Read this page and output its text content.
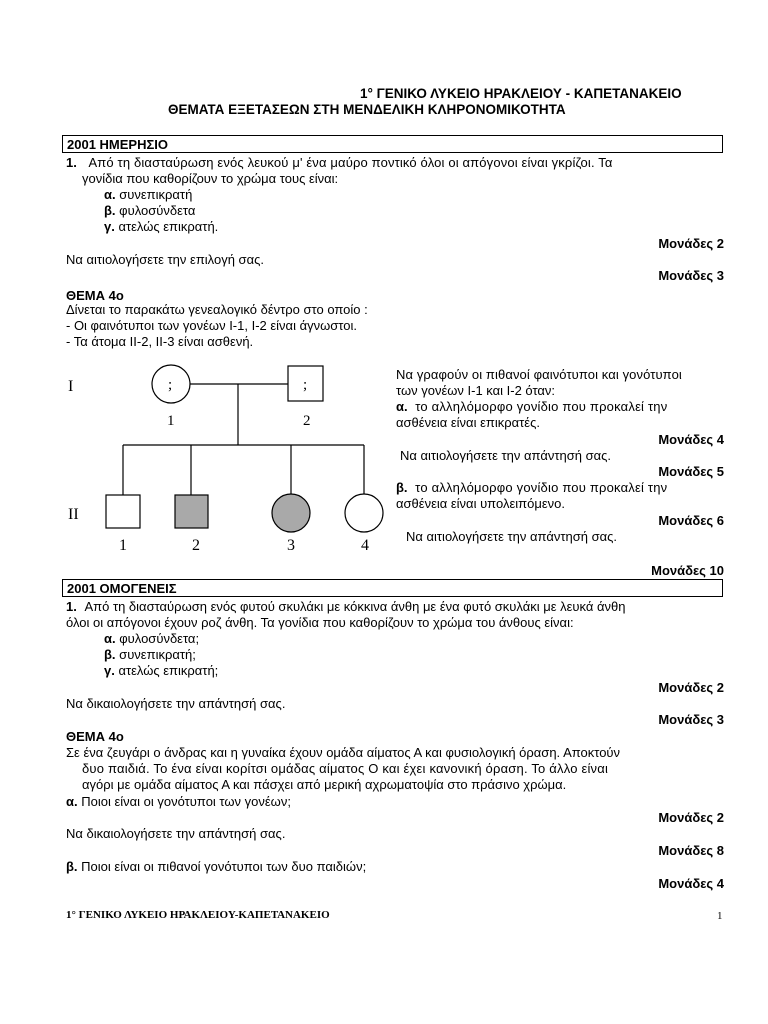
1° ΓΕΝΙΚΟ ΛΥΚΕΙΟ ΗΡΑΚΛΕΙΟΥ - ΚΑΠΕΤΑΝΑΚΕΙΟ
ΘΕΜΑΤΑ ΕΞΕΤΑΣΕΩΝ ΣΤΗ ΜΕΝΔΕΛΙΚΗ ΚΛΗΡΟΝΟΜΙΚΟΤΗΤΑ
2001 ΗΜΕΡΗΣΙΟ
1. Από τη διασταύρωση ενός λευκού μ' ένα μαύρο ποντικό όλοι οι απόγονοι είναι γκρίζοι. Τα
γονίδια που καθορίζουν το χρώμα τους είναι:
α. συνεπικρατή
β. φυλοσύνδετα
γ. ατελώς επικρατή.
Μονάδες 2
Να αιτιολογήσετε την επιλογή σας.
Μονάδες 3
ΘΕΜΑ 4ο
Δίνεται το παρακάτω γενεαλογικό δέντρο στο οποίο :
- Οι φαινότυποι των γονέων Ι-1, Ι-2 είναι άγνωστοι.
- Τα άτομα ΙΙ-2, ΙΙ-3 είναι ασθενή.
I
II
;	;
1	2
1	2	3	4
Να γραφούν οι πιθανοί φαινότυποι και γονότυποι
των γονέων Ι-1 και Ι-2 όταν:
α. το αλληλόμορφο γονίδιο που προκαλεί την
ασθένεια είναι επικρατές.
Μονάδες 4
Να αιτιολογήσετε την απάντησή σας.
Μονάδες 5
β. το αλληλόμορφο γονίδιο που προκαλεί την
ασθένεια είναι υπολειπόμενο.
Μονάδες 6
Να αιτιολογήσετε την απάντησή σας.
Μονάδες 10
2001 ΟΜΟΓΕΝΕΙΣ
1. Από τη διασταύρωση ενός φυτού σκυλάκι με κόκκινα άνθη με ένα φυτό σκυλάκι με λευκά άνθη
όλοι οι απόγονοι έχουν ροζ άνθη. Τα γονίδια που καθορίζουν το χρώμα του άνθους είναι:
α. φυλοσύνδετα;
β. συνεπικρατή;
γ. ατελώς επικρατή;
Μονάδες 2
Να δικαιολογήσετε την απάντησή σας.
Μονάδες 3
ΘΕΜΑ 4ο
Σε ένα ζευγάρι ο άνδρας και η γυναίκα έχουν ομάδα αίματος Α και φυσιολογική όραση. Αποκτούν
δυο παιδιά. Το ένα είναι κορίτσι ομάδας αίματος Ο και έχει κανονική όραση. Το άλλο είναι
αγόρι με ομάδα αίματος Α και πάσχει από μερική αχρωματοψία στο πράσινο χρώμα.
α. Ποιοι είναι οι γονότυποι των γονέων;
Μονάδες 2
Να δικαιολογήσετε την απάντησή σας.
Μονάδες 8
β. Ποιοι είναι οι πιθανοί γονότυποι των δυο παιδιών;
Μονάδες 4
1° ΓΕΝΙΚΟ ΛΥΚΕΙΟ ΗΡΑΚΛΕΙΟΥ-ΚΑΠΕΤΑΝΑΚΕΙΟ	1
